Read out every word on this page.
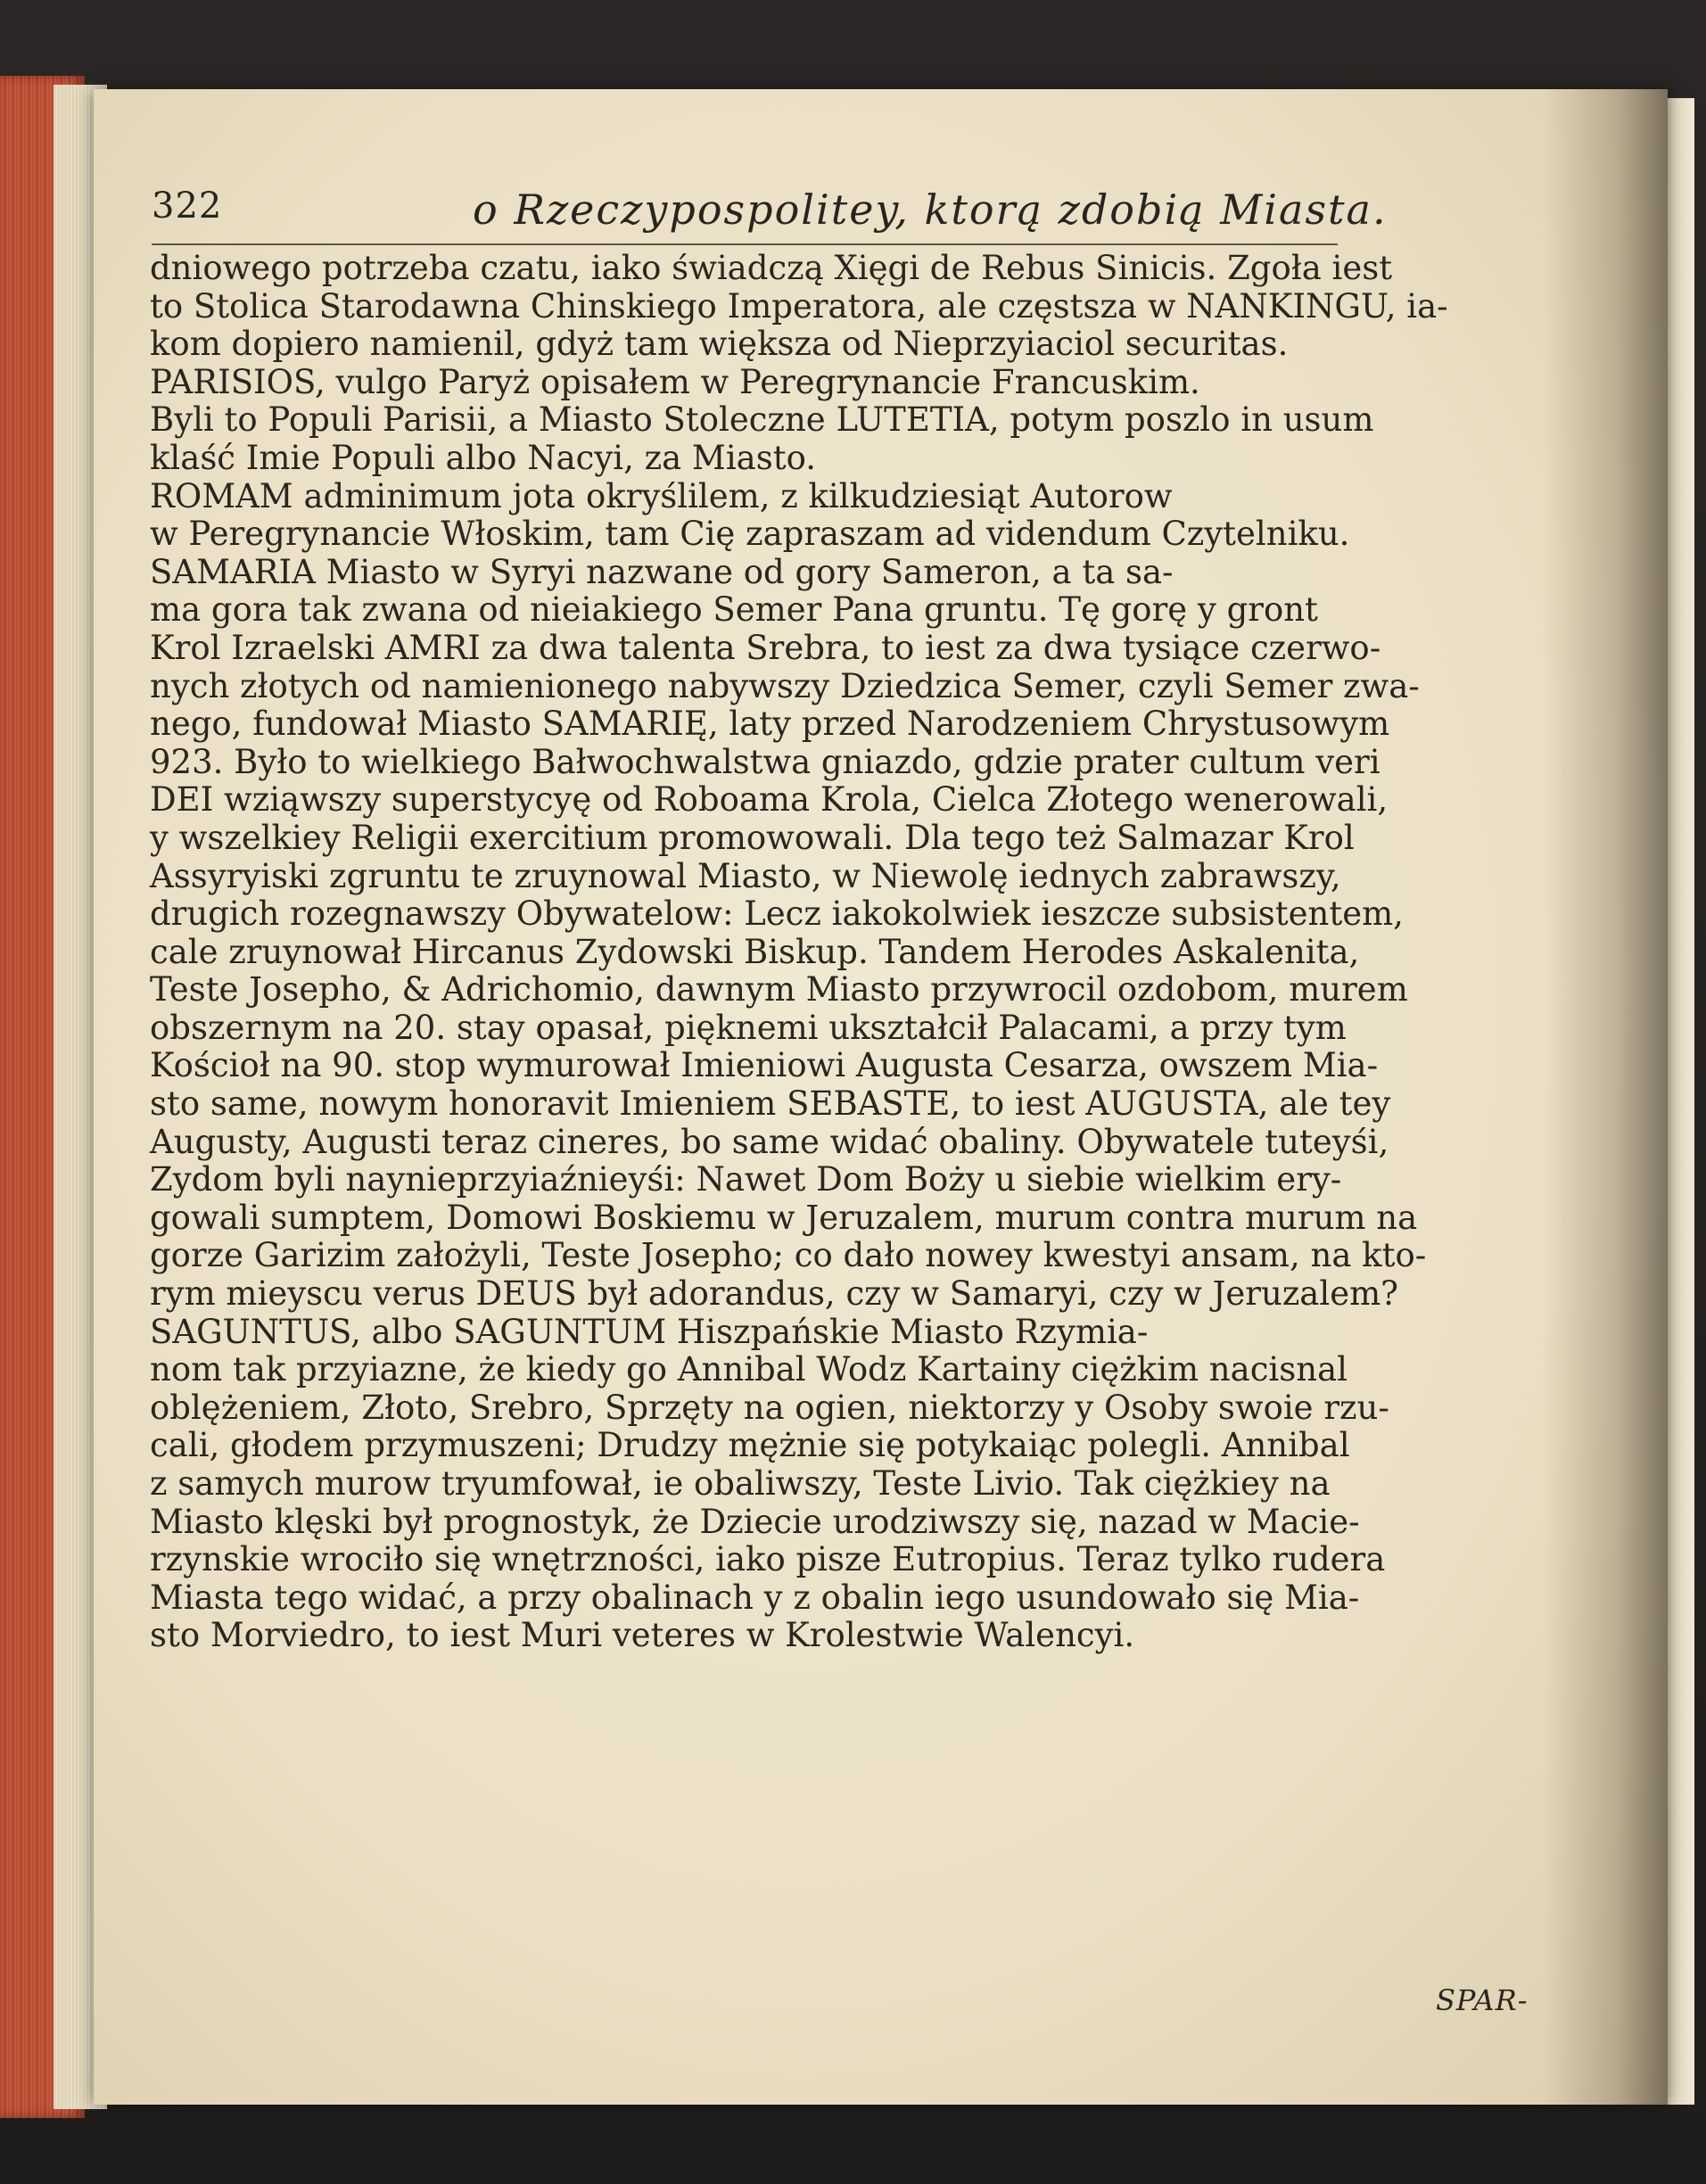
322	o Rzeczypospolitey, ktorą zdobią Miasta.
dniowego potrzeba czatu, iako świadczą Xięgi de Rebus Sinicis. Zgoła iest
to Stolica Starodawna Chinskiego Imperatora, ale częstsza w NANKINGU, ia-
kom dopiero namienil, gdyż tam większa od Nieprzyiaciol securitas.
PARISIOS, vulgo Paryż opisałem w Peregrynancie Francuskim.
Byli to Populi Parisii, a Miasto Stoleczne LUTETIA, potym poszlo in usum
klaść Imie Populi albo Nacyi, za Miasto.
ROMAM adminimum jota okryślilem, z kilkudziesiąt Autorow
w Peregrynancie Włoskim, tam Cię zapraszam ad videndum Czytelniku.
SAMARIA Miasto w Syryi nazwane od gory Sameron, a ta sa-
ma gora tak zwana od nieiakiego Semer Pana gruntu. Tę gorę y gront
Krol Izraelski AMRI za dwa talenta Srebra, to iest za dwa tysiące czerwo-
nych złotych od namienionego nabywszy Dziedzica Semer, czyli Semer zwa-
nego, fundował Miasto SAMARIĘ, laty przed Narodzeniem Chrystusowym
923. Było to wielkiego Bałwochwalstwa gniazdo, gdzie prater cultum veri
DEI wziąwszy superstycyę od Roboama Krola, Cielca Złotego wenerowali,
y wszelkiey Religii exercitium promowowali. Dla tego też Salmazar Krol
Assyryiski zgruntu te zruynowal Miasto, w Niewolę iednych zabrawszy,
drugich rozegnawszy Obywatelow: Lecz iakokolwiek ieszcze subsistentem,
cale zruynował Hircanus Zydowski Biskup. Tandem Herodes Askalenita,
Teste Josepho, & Adrichomio, dawnym Miasto przywrocil ozdobom, murem
obszernym na 20. stay opasał, pięknemi ukształcił Palacami, a przy tym
Kościoł na 90. stop wymurował Imieniowi Augusta Cesarza, owszem Mia-
sto same, nowym honoravit Imieniem SEBASTE, to iest AUGUSTA, ale tey
Augusty, Augusti teraz cineres, bo same widać obaliny. Obywatele tuteyśi,
Zydom byli naynieprzyiaźnieyśi: Nawet Dom Boży u siebie wielkim ery-
gowali sumptem, Domowi Boskiemu w Jeruzalem, murum contra murum na
gorze Garizim założyli, Teste Josepho; co dało nowey kwestyi ansam, na kto-
rym mieyscu verus DEUS był adorandus, czy w Samaryi, czy w Jeruzalem?
SAGUNTUS, albo SAGUNTUM Hiszpańskie Miasto Rzymia-
nom tak przyiazne, że kiedy go Annibal Wodz Kartainy ciężkim nacisnal
oblężeniem, Złoto, Srebro, Sprzęty na ogien, niektorzy y Osoby swoie rzu-
cali, głodem przymuszeni; Drudzy mężnie się potykaiąc polegli. Annibal
z samych murow tryumfował, ie obaliwszy, Teste Livio. Tak ciężkiey na
Miasto klęski był prognostyk, że Dziecie urodziwszy się, nazad w Macie-
rzynskie wrociło się wnętrzności, iako pisze Eutropius. Teraz tylko rudera
Miasta tego widać, a przy obalinach y z obalin iego usundowało się Mia-
sto Morviedro, to iest Muri veteres w Krolestwie Walencyi.
SPAR-
